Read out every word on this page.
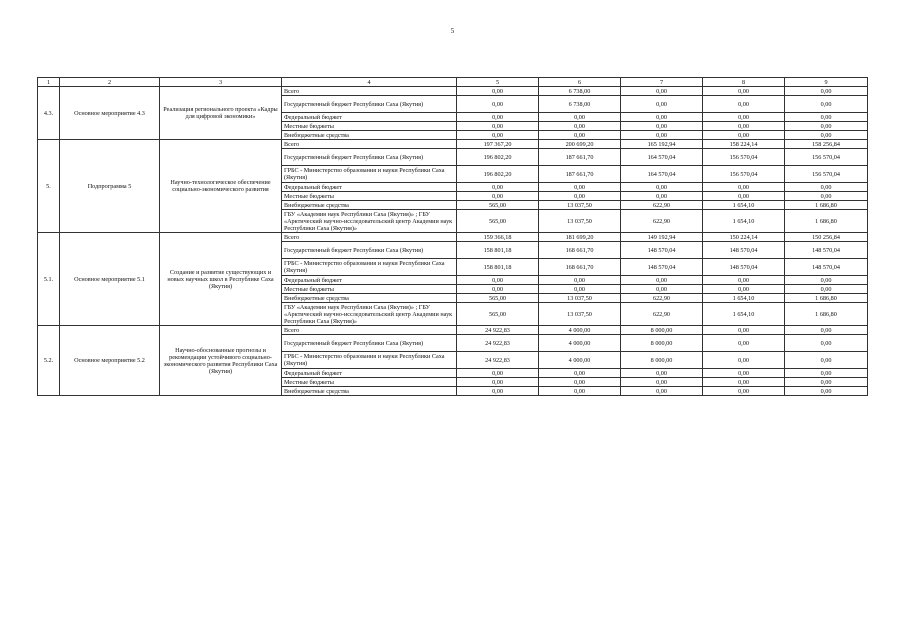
5
1	2	3	4	5	6	7	8	9
4.3.	Основное мероприятие 4.3	Реализация регионального проекта «Кадры для цифровой экономики»	Всего	0,00	6 738,00	0,00	0,00	0,00
			Государственный бюджет Республики Саха (Якутия)	0,00	6 738,00	0,00	0,00	0,00
			Федеральный бюджет	0,00	0,00	0,00	0,00	0,00
			Местные бюджеты	0,00	0,00	0,00	0,00	0,00
			Внебюджетные средства	0,00	0,00	0,00	0,00	0,00
5.	Подпрограмма 5	Научно-технологическое обеспечение социально-экономического развития	Всего	197 367,20	200 699,20	165 192,94	158 224,14	158 256,84
			Государственный бюджет Республики Саха (Якутия)	196 802,20	187 661,70	164 570,04	156 570,04	156 570,04
			ГРБС - Министерство образования и науки Республики Саха (Якутия)	196 802,20	187 661,70	164 570,04	156 570,04	156 570,04
			Федеральный бюджет	0,00	0,00	0,00	0,00	0,00
			Местные бюджеты	0,00	0,00	0,00	0,00	0,00
			Внебюджетные средства	565,00	13 037,50	622,90	1 654,10	1 686,80
			ГБУ «Академия наук Республики Саха (Якутия)» ; ГБУ «Арктический научно-исследовательский центр Академии наук Республики Саха (Якутия)»	565,00	13 037,50	622,90	1 654,10	1 686,80
5.1.	Основное мероприятие 5.1	Создание и развитие существующих и новых научных школ в Республике Саха (Якутия)	Всего	159 366,18	181 699,20	149 192,94	150 224,14	150 256,84
			Государственный бюджет Республики Саха (Якутия)	158 801,18	168 661,70	148 570,04	148 570,04	148 570,04
			ГРБС - Министерство образования и науки Республики Саха (Якутия)	158 801,18	168 661,70	148 570,04	148 570,04	148 570,04
			Федеральный бюджет	0,00	0,00	0,00	0,00	0,00
			Местные бюджеты	0,00	0,00	0,00	0,00	0,00
			Внебюджетные средства	565,00	13 037,50	622,90	1 654,10	1 686,80
			ГБУ «Академия наук Республики Саха (Якутия)» ; ГБУ «Арктический научно-исследовательский центр Академии наук Республики Саха (Якутия)»	565,00	13 037,50	622,90	1 654,10	1 686,80
5.2.	Основное мероприятие 5.2	Научно-обоснованные прогнозы и рекомендации устойчивого социально-экономического развития Республики Саха (Якутия)	Всего	24 922,83	4 000,00	8 000,00	0,00	0,00
			Государственный бюджет Республики Саха (Якутия)	24 922,83	4 000,00	8 000,00	0,00	0,00
			ГРБС - Министерство образования и науки Республики Саха (Якутия)	24 922,83	4 000,00	8 000,00	0,00	0,00
			Федеральный бюджет	0,00	0,00	0,00	0,00	0,00
			Местные бюджеты	0,00	0,00	0,00	0,00	0,00
			Внебюджетные средства	0,00	0,00	0,00	0,00	0,00
